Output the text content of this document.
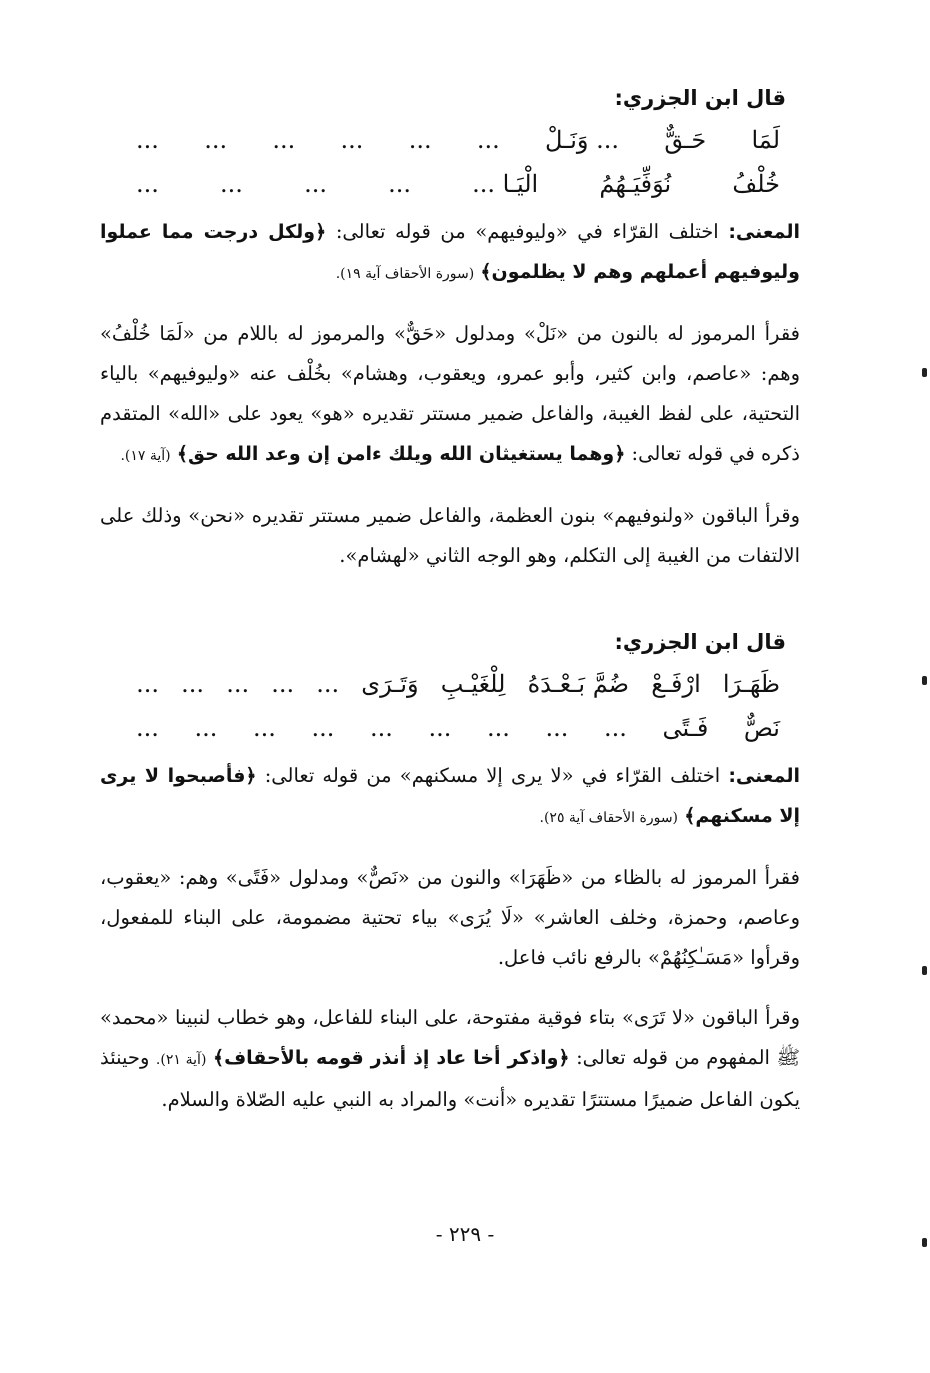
قال ابن الجزري:
لَمَا
حَـقٌّ
... وَنَـلْ
...
...
...
...
...
...
خُلْفُ
نُوَفِّيَـهُمُ
الْيَـا ...
...
...
...
...

المعنى: اختلف القرّاء في «وليوفيهم» من قوله تعالى: ﴿ولكل درجت مما عملوا وليوفيهم أعملهم وهم لا يظلمون﴾ (سورة الأحقاف آية ١٩).

فقرأ المرموز له بالنون من «نَلْ» ومدلول «حَقٌّ» والمرموز له باللام من «لَمَا خُلْفُ» وهم: «عاصم، وابن كثير، وأبو عمرو، ويعقوب، وهشام» بخُلْف عنه «وليوفيهم» بالياء التحتية، على لفظ الغيبة، والفاعل ضمير مستتر تقديره «هو» يعود على «الله» المتقدم ذكره في قوله تعالى: ﴿وهما يستغيثان الله ويلك ءامن إن وعد الله حق﴾ (آية ١٧).

وقرأ الباقون «ولنوفيهم» بنون العظمة، والفاعل ضمير مستتر تقديره «نحن» وذلك على الالتفات من الغيبة إلى التكلم، وهو الوجه الثاني «لهشام».

قال ابن الجزري:
ظَهَـرَا
ارْفَـعْ
ضُمَّ بَـعْـدَهُ
لِلْغَيْـبِ
وَتَـرَى
...
...
...
...
...
نَصٌّ
فَـتًى
...
...
...
...
...
...
...
...
...

المعنى: اختلف القرّاء في «لا يرى إلا مسكنهم» من قوله تعالى: ﴿فأصبحوا لا يرى إلا مسكنهم﴾ (سورة الأحقاف آية ٢٥).

فقرأ المرموز له بالظاء من «ظَهَرَا» والنون من «نَصٌّ» ومدلول «فَتًى» وهم: «يعقوب، وعاصم، وحمزة، وخلف العاشر» «لَا يُرَى» بياء تحتية مضمومة، على البناء للمفعول، وقرأوا «مَسَـٰكِنُهُمْ» بالرفع نائب فاعل.

وقرأ الباقون «لا تَرَى» بتاء فوقية مفتوحة، على البناء للفاعل، وهو خطاب لنبينا «محمد» ﷺ المفهوم من قوله تعالى: ﴿واذكر أخا عاد إذ أنذر قومه بالأحقاف﴾ (آية ٢١). وحينئذ يكون الفاعل ضميرًا مستترًا تقديره «أنت» والمراد به النبي عليه الصّلاة والسلام.

- ٢٢٩ -
